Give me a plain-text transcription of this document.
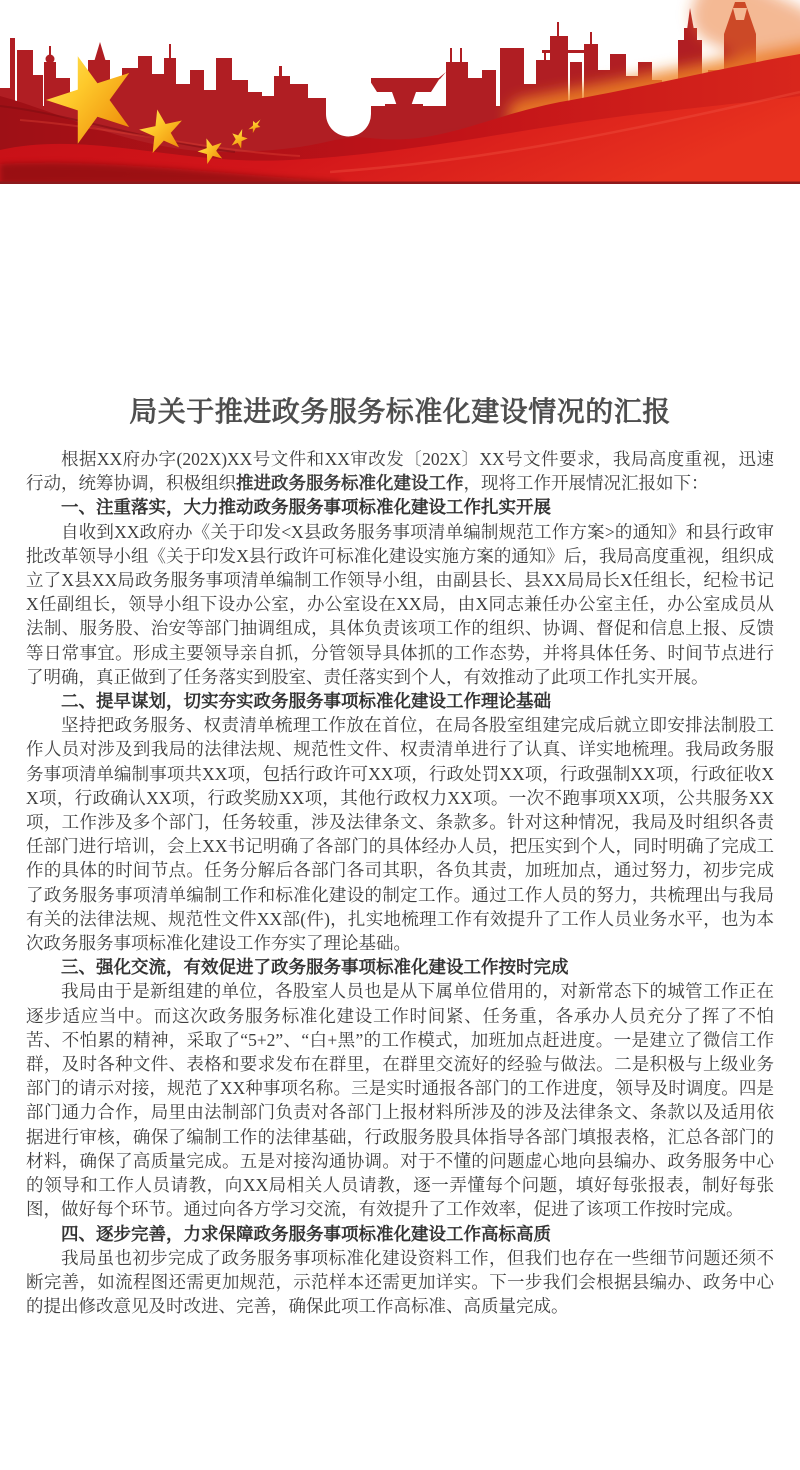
局关于推进政务服务标准化建设情况的汇报

根据XX府办字(202X)XX号文件和XX审改发〔202X〕XX号文件要求，我局高度重视，迅速行动，统筹协调，积极组织推进政务服务标准化建设工作，现将工作开展情况汇报如下：

一、注重落实，大力推动政务服务事项标准化建设工作扎实开展

自收到XX政府办《关于印发<X县政务服务事项清单编制规范工作方案>的通知》和县行政审批改革领导小组《关于印发X县行政许可标准化建设实施方案的通知》后，我局高度重视，组织成立了X县XX局政务服务事项清单编制工作领导小组，由副县长、县XX局局长X任组长，纪检书记X任副组长，领导小组下设办公室，办公室设在XX局，由X同志兼任办公室主任，办公室成员从法制、服务股、治安等部门抽调组成，具体负责该项工作的组织、协调、督促和信息上报、反馈等日常事宜。形成主要领导亲自抓，分管领导具体抓的工作态势，并将具体任务、时间节点进行了明确，真正做到了任务落实到股室、责任落实到个人，有效推动了此项工作扎实开展。

二、提早谋划，切实夯实政务服务事项标准化建设工作理论基础

坚持把政务服务、权责清单梳理工作放在首位，在局各股室组建完成后就立即安排法制股工作人员对涉及到我局的法律法规、规范性文件、权责清单进行了认真、详实地梳理。我局政务服务事项清单编制事项共XX项，包括行政许可XX项，行政处罚XX项，行政强制XX项，行政征收XX项，行政确认XX项，行政奖励XX项，其他行政权力XX项。一次不跑事项XX项，公共服务XX项，工作涉及多个部门，任务较重，涉及法律条文、条款多。针对这种情况，我局及时组织各责任部门进行培训，会上XX书记明确了各部门的具体经办人员，把压实到个人，同时明确了完成工作的具体的时间节点。任务分解后各部门各司其职，各负其责，加班加点，通过努力，初步完成了政务服务事项清单编制工作和标准化建设的制定工作。通过工作人员的努力，共梳理出与我局有关的法律法规、规范性文件XX部(件)，扎实地梳理工作有效提升了工作人员业务水平，也为本次政务服务事项标准化建设工作夯实了理论基础。

三、强化交流，有效促进了政务服务事项标准化建设工作按时完成

我局由于是新组建的单位，各股室人员也是从下属单位借用的，对新常态下的城管工作正在逐步适应当中。而这次政务服务标准化建设工作时间紧、任务重，各承办人员充分了挥了不怕苦、不怕累的精神，采取了“5+2”、“白+黑”的工作模式，加班加点赶进度。一是建立了微信工作群，及时各种文件、表格和要求发布在群里，在群里交流好的经验与做法。二是积极与上级业务部门的请示对接，规范了XX种事项名称。三是实时通报各部门的工作进度，领导及时调度。四是部门通力合作，局里由法制部门负责对各部门上报材料所涉及的涉及法律条文、条款以及适用依据进行审核，确保了编制工作的法律基础，行政服务股具体指导各部门填报表格，汇总各部门的材料，确保了高质量完成。五是对接沟通协调。对于不懂的问题虚心地向县编办、政务服务中心的领导和工作人员请教，向XX局相关人员请教，逐一弄懂每个问题，填好每张报表，制好每张图，做好每个环节。通过向各方学习交流，有效提升了工作效率，促进了该项工作按时完成。

四、逐步完善，力求保障政务服务事项标准化建设工作高标高质

我局虽也初步完成了政务服务事项标准化建设资料工作，但我们也存在一些细节问题还须不断完善，如流程图还需更加规范，示范样本还需更加详实。下一步我们会根据县编办、政务中心的提出修改意见及时改进、完善，确保此项工作高标准、高质量完成。
